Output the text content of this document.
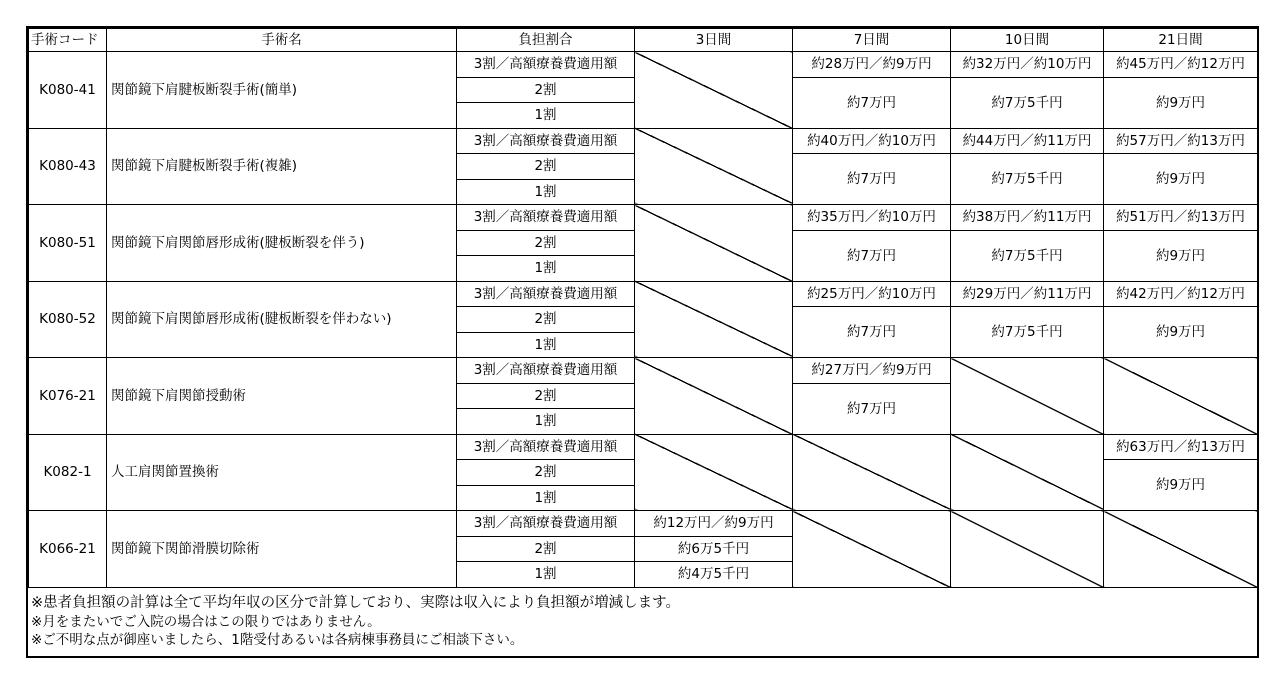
手術コード	手術名	負担割合	3日間	7日間	10日間	21日間
K080-41	関節鏡下肩腱板断裂手術(簡単)	3割／高額療養費適用額		約28万円／約9万円	約32万円／約10万円	約45万円／約12万円
		2割		約7万円	約7万5千円	約9万円
		1割				
K080-43	関節鏡下肩腱板断裂手術(複雑)	3割／高額療養費適用額		約40万円／約10万円	約44万円／約11万円	約57万円／約13万円
		2割		約7万円	約7万5千円	約9万円
		1割				
K080-51	関節鏡下肩関節唇形成術(腱板断裂を伴う)	3割／高額療養費適用額		約35万円／約10万円	約38万円／約11万円	約51万円／約13万円
		2割		約7万円	約7万5千円	約9万円
		1割				
K080-52	関節鏡下肩関節唇形成術(腱板断裂を伴わない)	3割／高額療養費適用額		約25万円／約10万円	約29万円／約11万円	約42万円／約12万円
		2割		約7万円	約7万5千円	約9万円
		1割				
K076-21	関節鏡下肩関節授動術	3割／高額療養費適用額		約27万円／約9万円		
		2割		約7万円		
		1割				
K082-1	人工肩関節置換術	3割／高額療養費適用額				約63万円／約13万円
		2割				約9万円
		1割				
K066-21	関節鏡下関節滑膜切除術	3割／高額療養費適用額	約12万円／約9万円			
		2割	約6万5千円			
		1割	約4万5千円			
※患者負担額の計算は全て平均年収の区分で計算しており、実際は収入により負担額が増減します。
※月をまたいでご入院の場合はこの限りではありません。
※ご不明な点が御座いましたら、1階受付あるいは各病棟事務員にご相談下さい。
